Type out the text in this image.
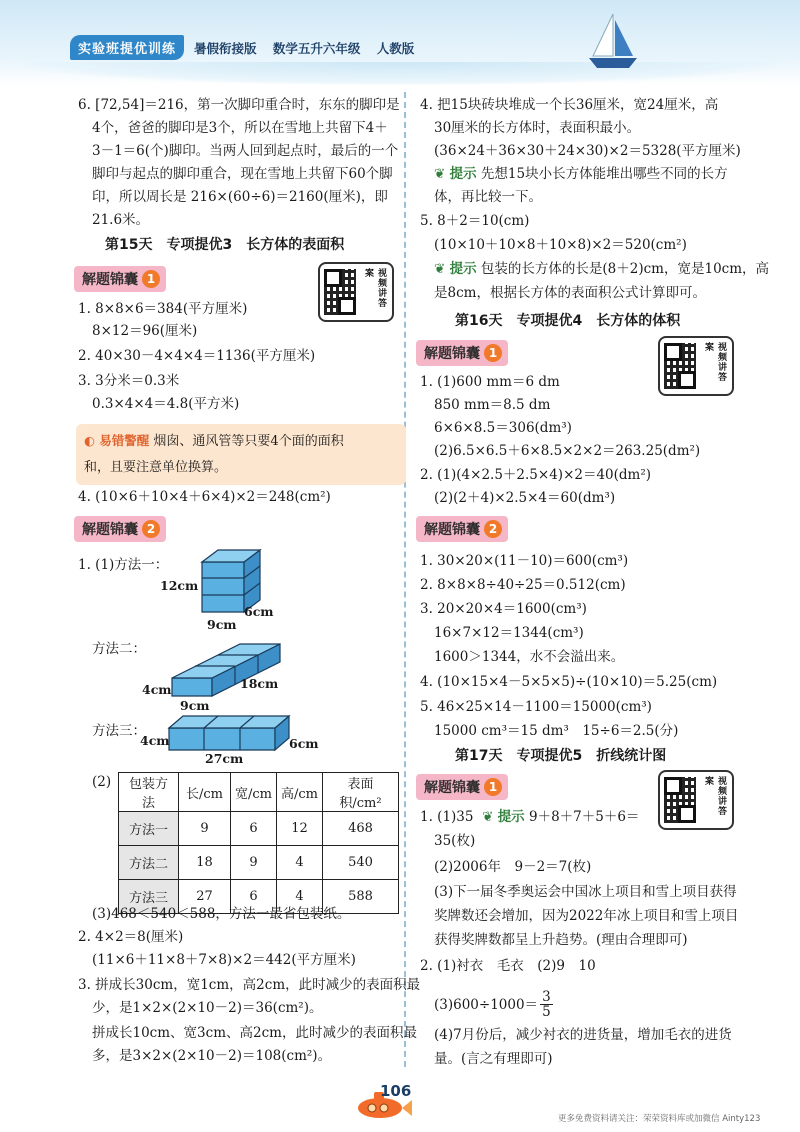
实验班提优训练	暑假衔接版 数学五升六年级 人教版
6. [72,54]＝216，第一次脚印重合时，东东的脚印是
4个，爸爸的脚印是3个，所以在雪地上共留下4＋
3－1＝6(个)脚印。当两人回到起点时，最后的一个
脚印与起点的脚印重合，现在雪地上共留下60个脚
印，所以周长是 216×(60÷6)＝2160(厘米)，即
21.6米。
第15天　专项提优3　长方体的表面积
解题锦囊 1	视频讲答案
1. 8×8×6＝384(平方厘米)
8×12＝96(厘米)
2. 40×30－4×4×4＝1136(平方厘米)
3. 3分米＝0.3米
0.3×4×4＝4.8(平方米)
◐ 易错警醒 烟囱、通风管等只要4个面的面积
和，且要注意单位换算。
4. (10×6＋10×4＋6×4)×2＝248(cm²)
解题锦囊 2
1. (1)方法一：
12cm
6cm
9cm
方法二：
4cm	18cm
9cm
方法三：
4cm	6cm
27cm
(2) 包装方法	长/cm	宽/cm	高/cm	表面积/cm²
方法一	9	6	12	468
方法二	18	9	4	540
方法三	27	6	4	588
(3)468＜540＜588，方法一最省包装纸。
2. 4×2＝8(厘米)
(11×6＋11×8＋7×8)×2＝442(平方厘米)
3. 拼成长30cm，宽1cm，高2cm，此时减少的表面积最
少，是1×2×(2×10－2)＝36(cm²)。
拼成长10cm、宽3cm、高2cm，此时减少的表面积最
多，是3×2×(2×10－2)＝108(cm²)。
4. 把15块砖块堆成一个长36厘米，宽24厘米，高
30厘米的长方体时，表面积最小。
(36×24＋36×30＋24×30)×2＝5328(平方厘米)
❦ 提示 先想15块小长方体能堆出哪些不同的长方
体，再比较一下。
5. 8＋2＝10(cm)
(10×10＋10×8＋10×8)×2＝520(cm²)
❦ 提示 包装的长方体的长是(8＋2)cm，宽是10cm，高
是8cm，根据长方体的表面积公式计算即可。
第16天　专项提优4　长方体的体积
解题锦囊 1	视频讲答案
1. (1)600 mm＝6 dm
850 mm＝8.5 dm
6×6×8.5＝306(dm³)
(2)6.5×6.5＋6×8.5×2×2＝263.25(dm²)
2. (1)(4×2.5＋2.5×4)×2＝40(dm²)
(2)(2＋4)×2.5×4＝60(dm³)
解题锦囊 2
1. 30×20×(11－10)＝600(cm³)
2. 8×8×8÷40÷25＝0.512(cm)
3. 20×20×4＝1600(cm³)
16×7×12＝1344(cm³)
1600＞1344，水不会溢出来。
4. (10×15×4－5×5×5)÷(10×10)＝5.25(cm)
5. 46×25×14－1100＝15000(cm³)
15000 cm³＝15 dm³　15÷6＝2.5(分)
第17天　专项提优5　折线统计图
解题锦囊 1	视频讲答案
1. (1)35  ❦ 提示 9＋8＋7＋5＋6＝
35(枚)
(2)2006年　9－2＝7(枚)
(3)下一届冬季奥运会中国冰上项目和雪上项目获得
奖牌数还会增加，因为2022年冰上项目和雪上项目
获得奖牌数都呈上升趋势。(理由合理即可)
2. (1)衬衣　毛衣　(2)9　10
$(3)600\div 1000= \frac{3}{5}$
(4)7月份后，减少衬衣的进货量，增加毛衣的进货
量。(言之有理即可)
106
更多免费资料请关注：荣荣资料库或加微信 Ainty123
